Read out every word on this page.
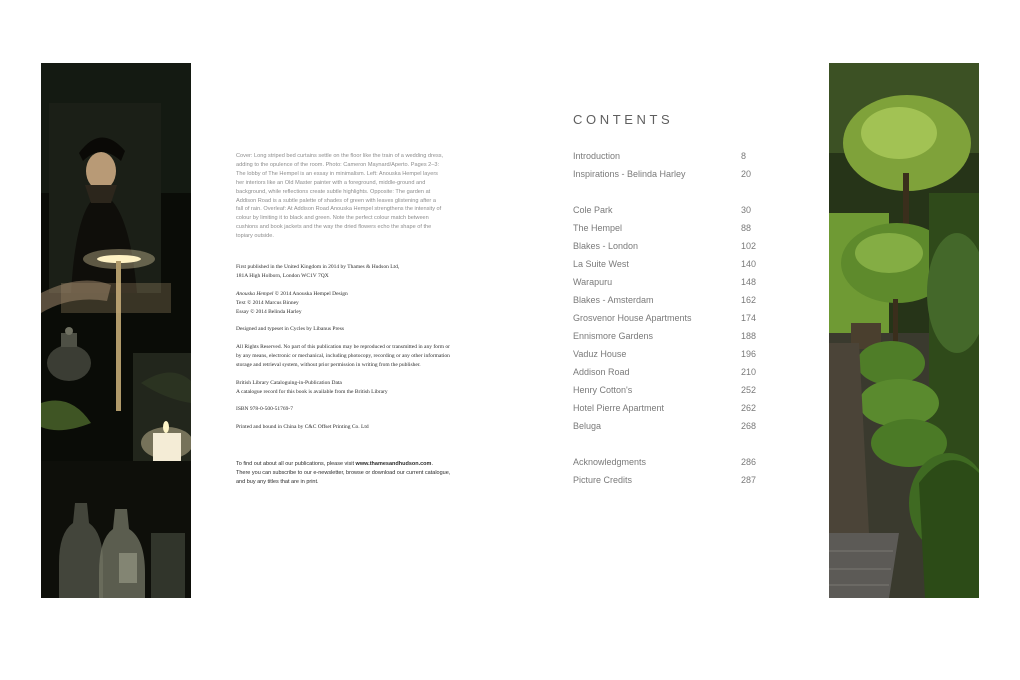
Cover: Long striped bed curtains settle on the floor like the train of a wedding dress, adding to the opulence of the room. Photo: Cameron Maynard/Aperto. Pages 2–3: The lobby of The Hempel is an essay in minimalism. Left: Anouska Hempel layers her interiors like an Old Master painter with a foreground, middle-ground and background, while reflections create subtle highlights. Opposite: The garden at Addison Road is a subtle palette of shades of green with leaves glistening after a fall of rain. Overleaf: At Addison Road Anouska Hempel strengthens the intensity of colour by limiting it to black and green. Note the perfect colour match between cushions and book jackets and the way the dried flowers echo the shape of the topiary outside.

First published in the United Kingdom in 2014 by Thames & Hudson Ltd,
181A High Holborn, London WC1V 7QX

Anouska Hempel © 2014 Anouska Hempel Design
Text © 2014 Marcus Binney
Essay © 2014 Belinda Harley

Designed and typeset in Cycles by Libanus Press

All Rights Reserved. No part of this publication may be reproduced or transmitted in any form or by any means, electronic or mechanical, including photocopy, recording or any other information storage and retrieval system, without prior permission in writing from the publisher.

British Library Cataloguing-in-Publication Data
A catalogue record for this book is available from the British Library

ISBN 978-0-500-51769-7

Printed and bound in China by C&C Offset Printing Co. Ltd

To find out about all our publications, please visit www.thamesandhudson.com.

There you can subscribe to our e-newsletter, browse or download our current catalogue, and buy any titles that are in print.

CONTENTS
Introduction	8
Inspirations - Belinda Harley	20
Cole Park	30
The Hempel	88
Blakes - London	102
La Suite West	140
Warapuru	148
Blakes - Amsterdam	162
Grosvenor House Apartments	174
Ennismore Gardens	188
Vaduz House	196
Addison Road	210
Henry Cotton's	252
Hotel Pierre Apartment	262
Beluga	268
Acknowledgments	286
Picture Credits	287
